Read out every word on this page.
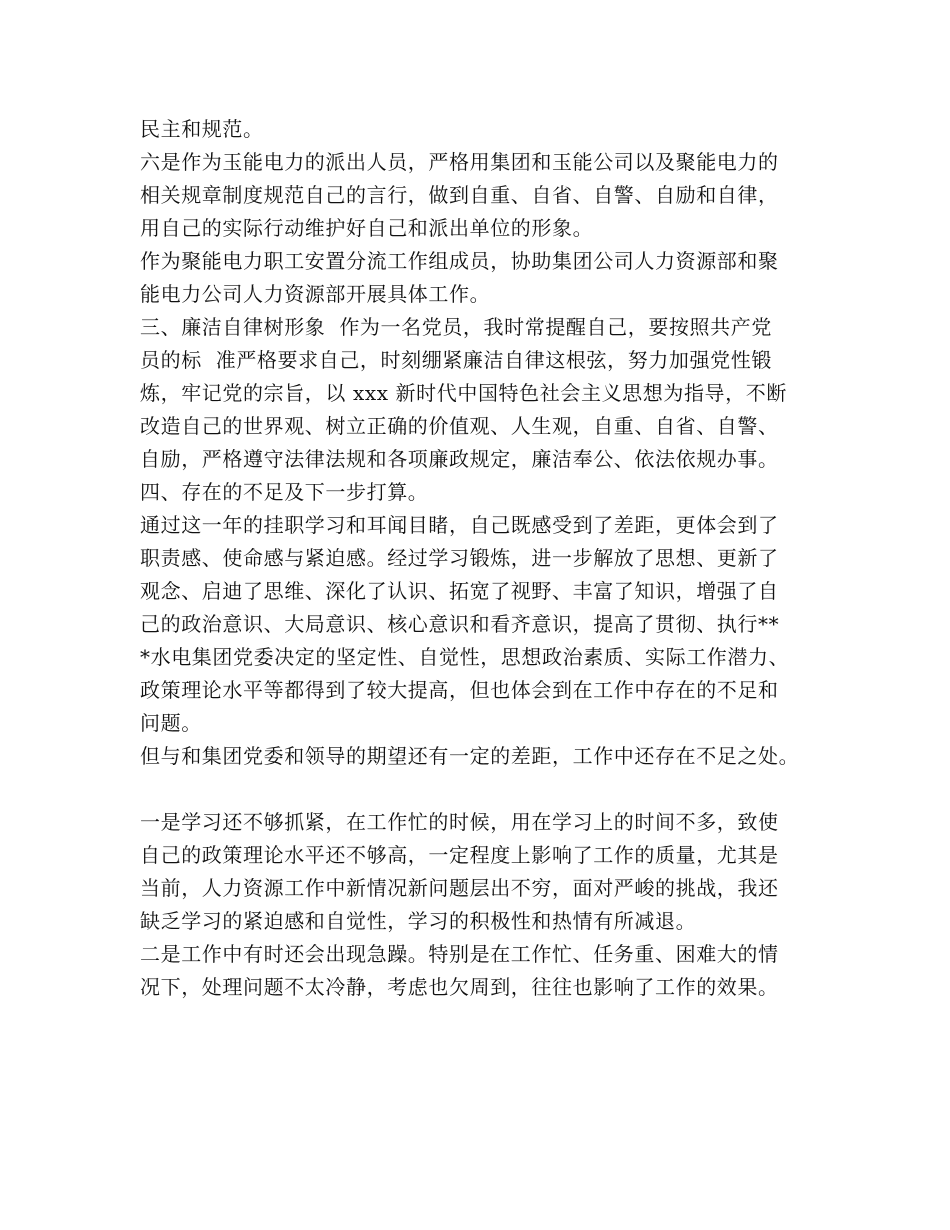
民主和规范。

六是作为玉能电力的派出人员，严格用集团和玉能公司以及聚能电力的

相关规章制度规范自己的言行，做到自重、自省、自警、自励和自律，

用自己的实际行动维护好自己和派出单位的形象。

作为聚能电力职工安置分流工作组成员，协助集团公司人力资源部和聚

能电力公司人力资源部开展具体工作。

三、廉洁自律树形象  作为一名党员，我时常提醒自己，要按照共产党

员的标  准严格要求自己，时刻绷紧廉洁自律这根弦，努力加强党性锻

炼，牢记党的宗旨，以 xxx 新时代中国特色社会主义思想为指导，不断

改造自己的世界观、树立正确的价值观、人生观，自重、自省、自警、

自励，严格遵守法律法规和各项廉政规定，廉洁奉公、依法依规办事。

四、存在的不足及下一步打算。

通过这一年的挂职学习和耳闻目睹，自己既感受到了差距，更体会到了

职责感、使命感与紧迫感。经过学习锻炼，进一步解放了思想、更新了

观念、启迪了思维、深化了认识、拓宽了视野、丰富了知识，增强了自

己的政治意识、大局意识、核心意识和看齐意识，提高了贯彻、执行**

*水电集团党委决定的坚定性、自觉性，思想政治素质、实际工作潜力、

政策理论水平等都得到了较大提高，但也体会到在工作中存在的不足和

问题。

但与和集团党委和领导的期望还有一定的差距，工作中还存在不足之处。

一是学习还不够抓紧，在工作忙的时候，用在学习上的时间不多，致使

自己的政策理论水平还不够高，一定程度上影响了工作的质量，尤其是

当前，人力资源工作中新情况新问题层出不穷，面对严峻的挑战，我还

缺乏学习的紧迫感和自觉性，学习的积极性和热情有所减退。

二是工作中有时还会出现急躁。特别是在工作忙、任务重、困难大的情

况下，处理问题不太冷静，考虑也欠周到，往往也影响了工作的效果。
